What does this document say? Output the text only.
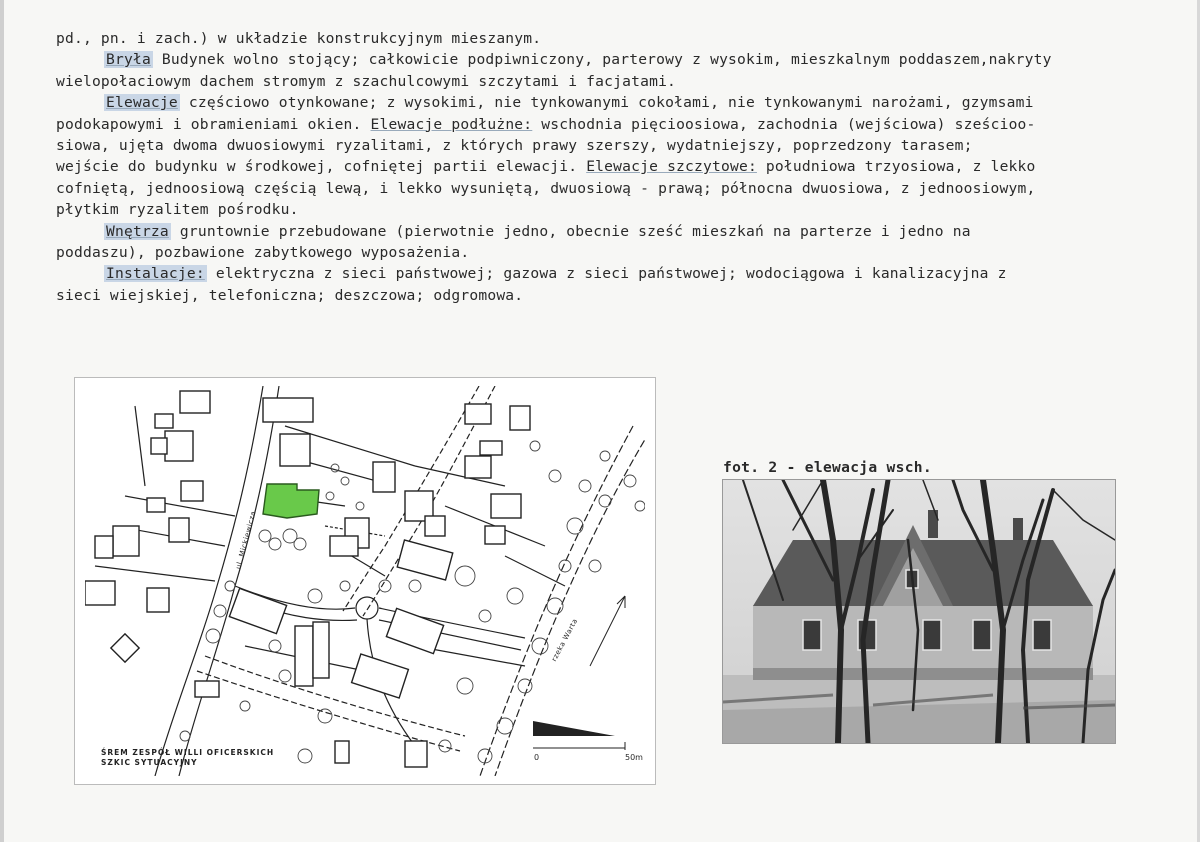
pd., pn. i zach.) w układzie konstrukcyjnym mieszanym.

Bryła Budynek wolno stojący; całkowicie podpiwniczony, parterowy z wysokim, mieszkalnym poddaszem,nakryty

wielopołaciowym dachem stromym z szachulcowymi szczytami i facjatami.

Elewacje częściowo otynkowane; z wysokimi, nie tynkowanymi cokołami, nie tynkowanymi narożami, gzymsami

podokapowymi i obramieniami okien. Elewacje podłużne: wschodnia pięcioosiowa, zachodnia (wejściowa) sześcioo-

siowa, ujęta dwoma dwuosiowymi ryzalitami, z których prawy szerszy, wydatniejszy, poprzedzony tarasem;

wejście do budynku w środkowej, cofniętej partii elewacji. Elewacje szczytowe: południowa trzyosiowa, z lekko

cofniętą, jednoosiową częścią lewą, i lekko wysuniętą, dwuosiową - prawą; północna dwuosiowa, z jednoosiowym,

płytkim ryzalitem pośrodku.

Wnętrza gruntownie przebudowane (pierwotnie jedno, obecnie sześć mieszkań na parterze i jedno na

poddaszu), pozbawione zabytkowego wyposażenia.

Instalacje: elektryczna z sieci państwowej; gazowa z sieci państwowej; wodociągowa i kanalizacyjna z

sieci wiejskiej, telefoniczna; deszczowa; odgromowa.

ul. Mickiewicza
rzeka Warta
ŚREM ZESPÓŁ WILLI OFICERSKICH
SZKIC SYTUACYJNY
0	50m
fot. 2 - elewacja wsch.
